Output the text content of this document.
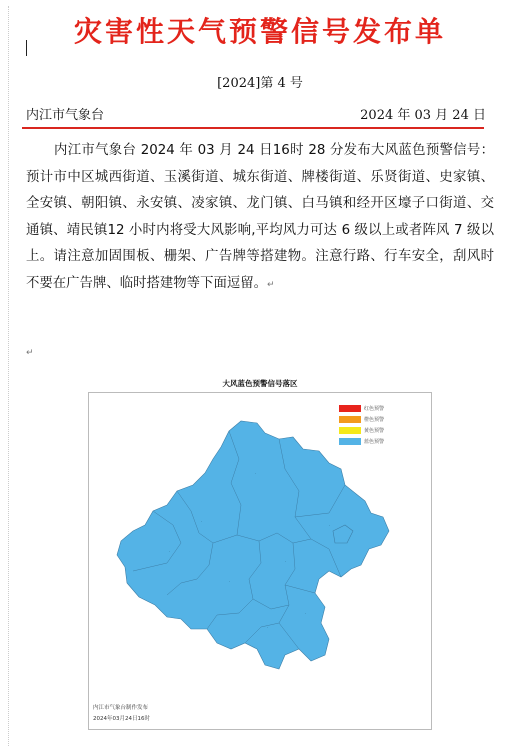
灾害性天气预警信号发布单
[2024]第 4 号
内江市气象台	2024 年 03 月 24 日
内江市气象台 2024 年 03 月 24 日16时 28 分发布大风蓝色预警信号：预计市中区城西街道、玉溪街道、城东街道、牌楼街道、乐贤街道、史家镇、全安镇、朝阳镇、永安镇、凌家镇、龙门镇、白马镇和经开区壕子口街道、交通镇、靖民镇12 小时内将受大风影响,平均风力可达 6 级以上或者阵风 7 级以上。请注意加固围板、栅架、广告牌等搭建物。注意行路、行车安全，刮风时不要在广告牌、临时搭建物等下面逗留。↵
↵
大风蓝色预警信号落区
·
·
·
·
·
·
·
·
红色预警
橙色预警
黄色预警
蓝色预警
内江市气象台制作发布
2024年03月24日16时
